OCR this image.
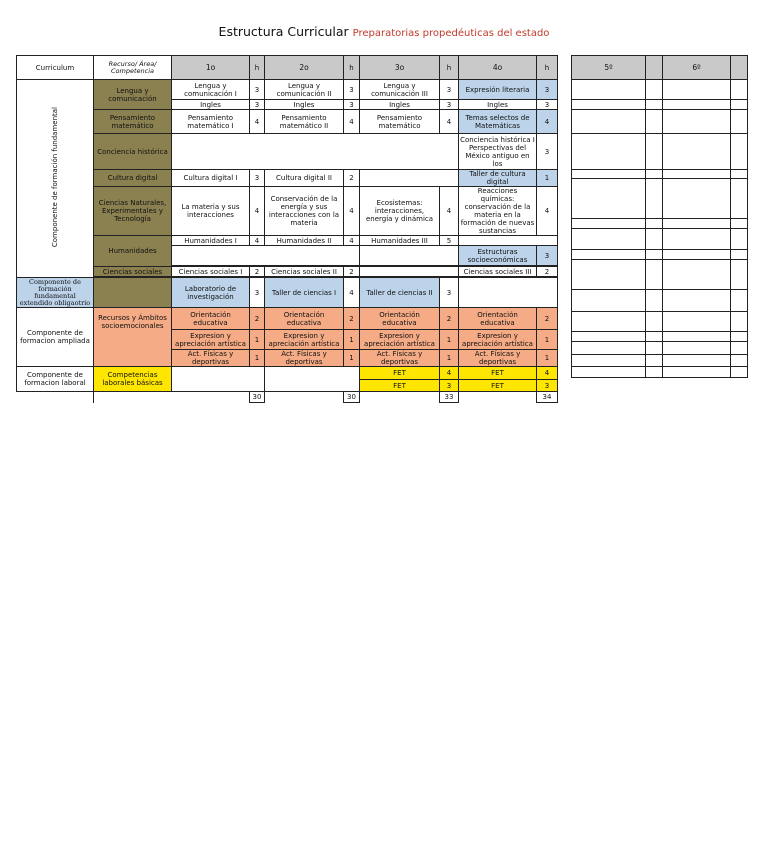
Estructura Curricular Preparatorias propedéuticas del estado
Curriculum	Recurso/ Área/ Competencia	1o	h	2o	h	3o	h	4o	h
Componente de formación fundamental	Lengua y comunicación	Lengua y comunicación I	3	Lengua y comunicación II	3	Lengua y comunicación III	3	Expresión literaria	3
		Ingles	3	Ingles	3	Ingles	3	Ingles	3
	Pensamiento matemático	Pensamiento matemático I	4	Pensamiento matemático II	4	Pensamiento matemático	4	Temas selectos de Matemáticas	4
	Conciencia histórica							Conciencia histórica I Perspectivas del México antiguo en los	3
	Cultura digital	Cultura digital I	3	Cultura digital II	2			Taller de cultura digital	1
	Ciencias Naturales, Experimentales y Tecnología	La materia y sus interacciones	4	Conservación de la energía y sus interacciones con la materia	4	Ecosistemas: interacciones, energía y dinámica	4	Reacciones químicas: conservación de la materia en la formación de nuevas sustancias	4
	Humanidades	Humanidades I	4	Humanidades II	4	Humanidades III	5		
								Estructuras socioeconómicas	3

	Ciencias sociales	Ciencias sociales I	2	Ciencias sociales II	2			Ciencias sociales III	2

Componente de formación fundamental extendido obligaotrio		Laboratorio de investigación	3	Taller de ciencias I	4	Taller de ciencias II	3		
Componente de formacion ampliada	Recursos y Ámbitos socioemocionales	Orientación educativa	2	Orientación educativa	2	Orientación educativa	2	Orientación educativa	2
		Expresion y apreciación artística	1	Expresion y apreciación artística	1	Expresion y apreciación artística	1	Expresion y apreciación artística	1
		Act. Físicas y deportivas	1	Act. Físicas y deportivas	1	Act. Físicas y deportivas	1	Act. Físicas y deportivas	1
Componente de formacion laboral	Competencias laborales básicas					FET	4	FET	4
						FET	3	FET	3
			30		30		33		34
5º		6º	
